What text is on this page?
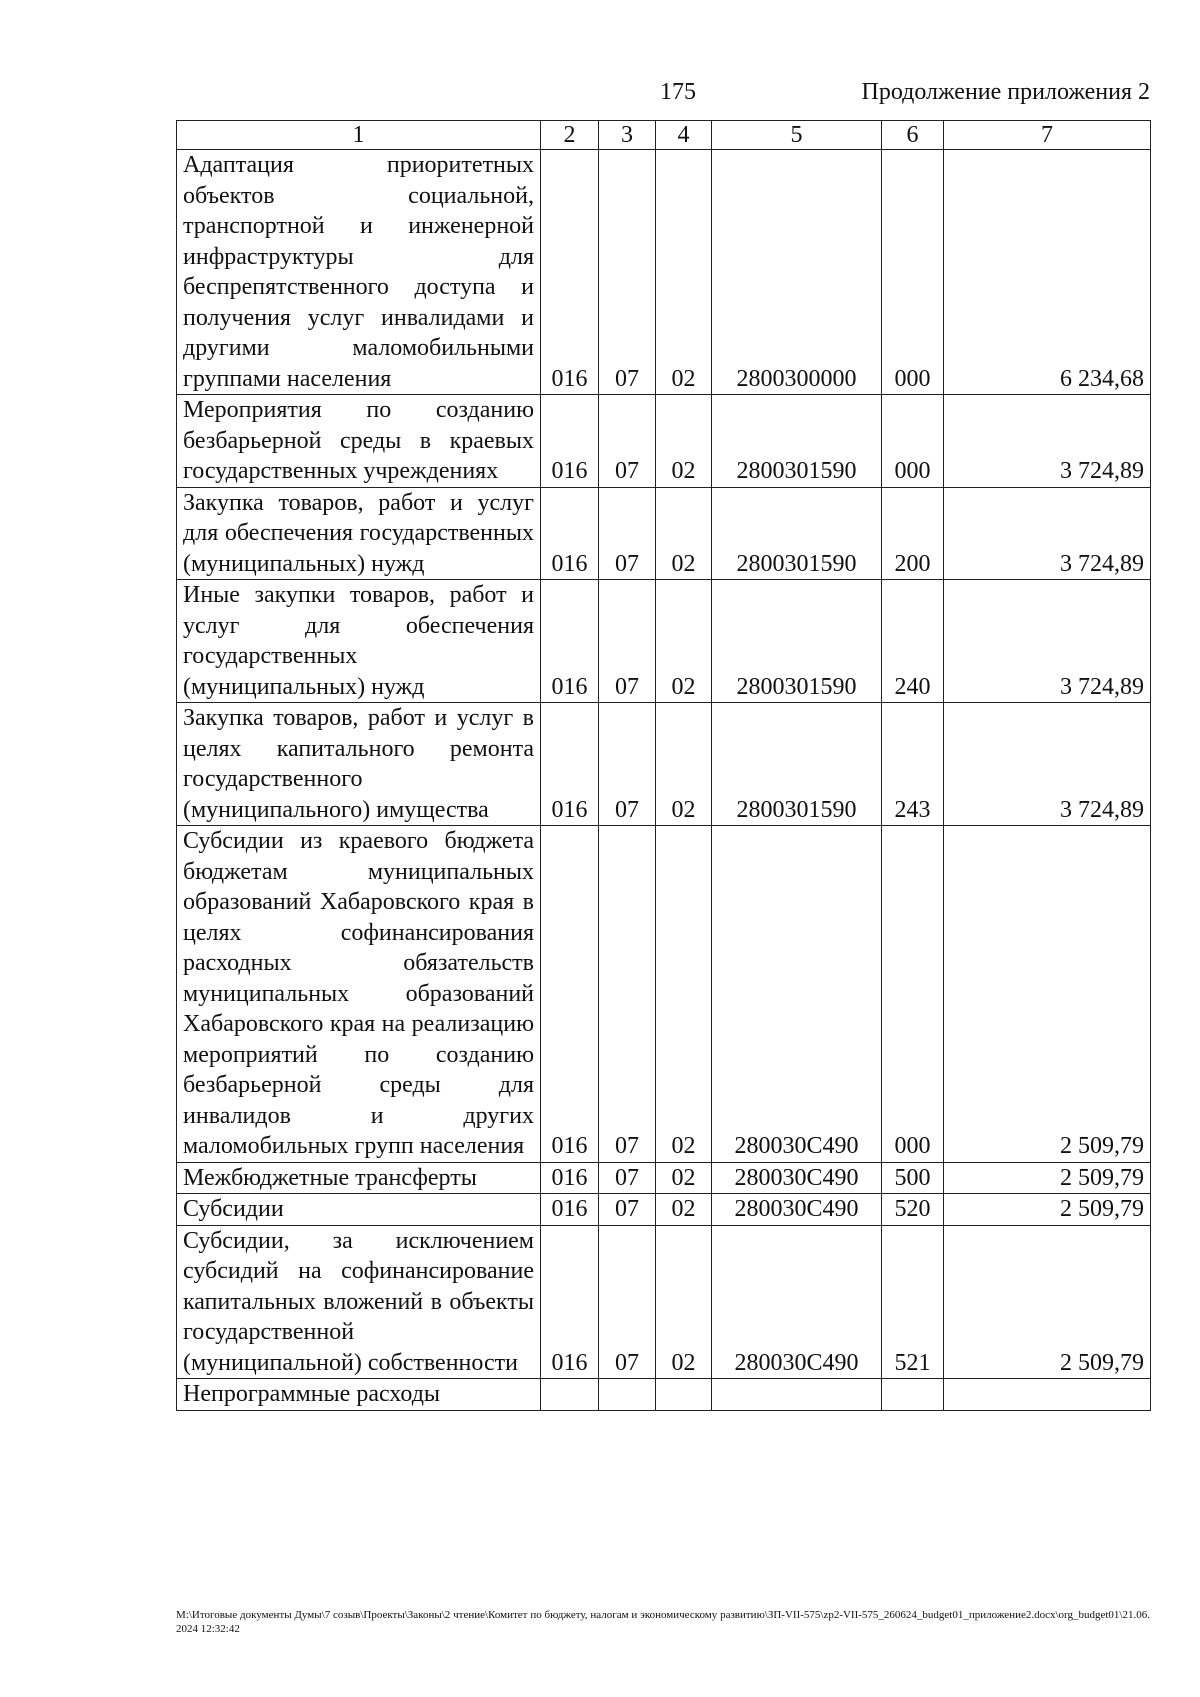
175	Продолжение приложения 2
1	2	3	4	5	6	7
Адаптация приоритетных объектов социальной, транспортной и инженерной инфраструктуры для беспрепятственного доступа и получения услуг инвалидами и другими маломобильными группами населения	016	07	02	2800300000	000	6 234,68
Мероприятия по созданию безбарьерной среды в краевых государственных учреждениях	016	07	02	2800301590	000	3 724,89
Закупка товаров, работ и услуг для обеспечения государственных (муниципальных) нужд	016	07	02	2800301590	200	3 724,89
Иные закупки товаров, работ и услуг для обеспечения государственных (муниципальных) нужд	016	07	02	2800301590	240	3 724,89
Закупка товаров, работ и услуг в целях капитального ремонта государственного (муниципального) имущества	016	07	02	2800301590	243	3 724,89
Субсидии из краевого бюджета бюджетам муниципальных образований Хабаровского края в целях софинансирования расходных обязательств муниципальных образований Хабаровского края на реализацию мероприятий по созданию безбарьерной среды для инвалидов и других маломобильных групп населения	016	07	02	280030С490	000	2 509,79
Межбюджетные трансферты	016	07	02	280030С490	500	2 509,79
Субсидии	016	07	02	280030С490	520	2 509,79
Субсидии, за исключением субсидий на софинансирование капитальных вложений в объекты государственной (муниципальной) собственности	016	07	02	280030С490	521	2 509,79
Непрограммные расходы						
М:\Итоговые документы Думы\7 созыв\Проекты\Законы\2 чтение\Комитет по бюджету, налогам и экономическому развитию\ЗП-VII-575\zp2-VII-575_260624_budget01_приложение2.docx\org_budget01\21.06.2024 12:32:42
